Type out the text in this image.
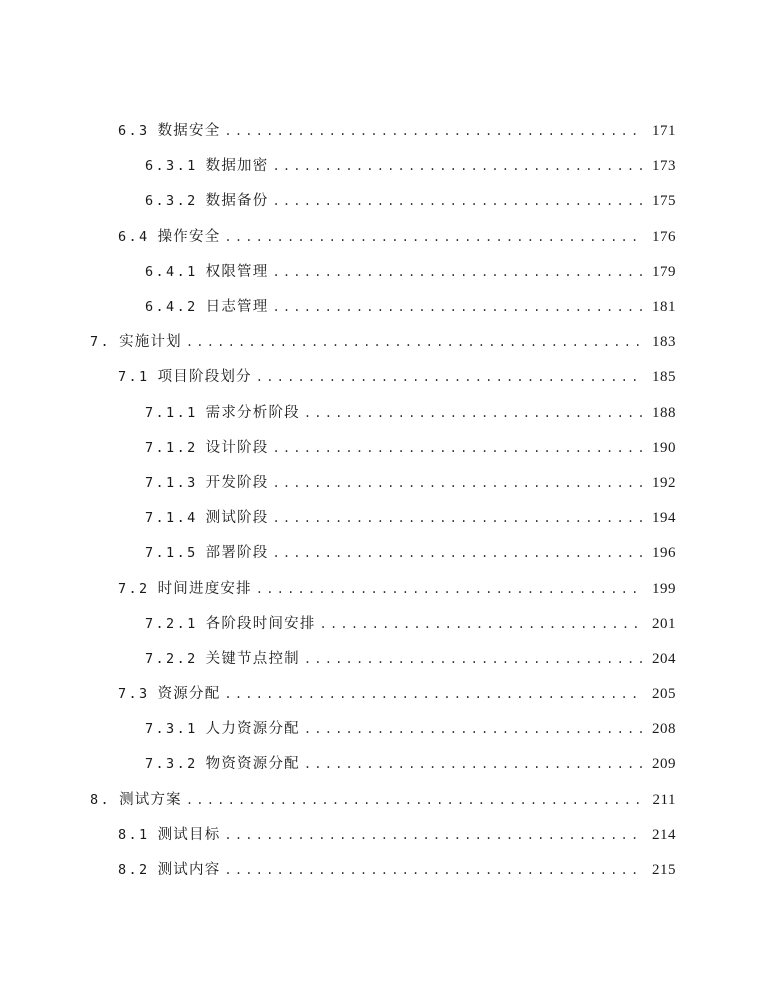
6.3 数据安全 .....	171
6.3.1 数据加密 .....	173
6.3.2 数据备份 .....	175
6.4 操作安全 .....	176
6.4.1 权限管理 .....	179
6.4.2 日志管理 .....	181
7. 实施计划 .....	183
7.1 项目阶段划分 .....	185
7.1.1 需求分析阶段 .....	188
7.1.2 设计阶段 .....	190
7.1.3 开发阶段 .....	192
7.1.4 测试阶段 .....	194
7.1.5 部署阶段 .....	196
7.2 时间进度安排 .....	199
7.2.1 各阶段时间安排 .....	201
7.2.2 关键节点控制 .....	204
7.3 资源分配 .....	205
7.3.1 人力资源分配 .....	208
7.3.2 物资资源分配 .....	209
8. 测试方案 .....	211
8.1 测试目标 .....	214
8.2 测试内容 .....	215
